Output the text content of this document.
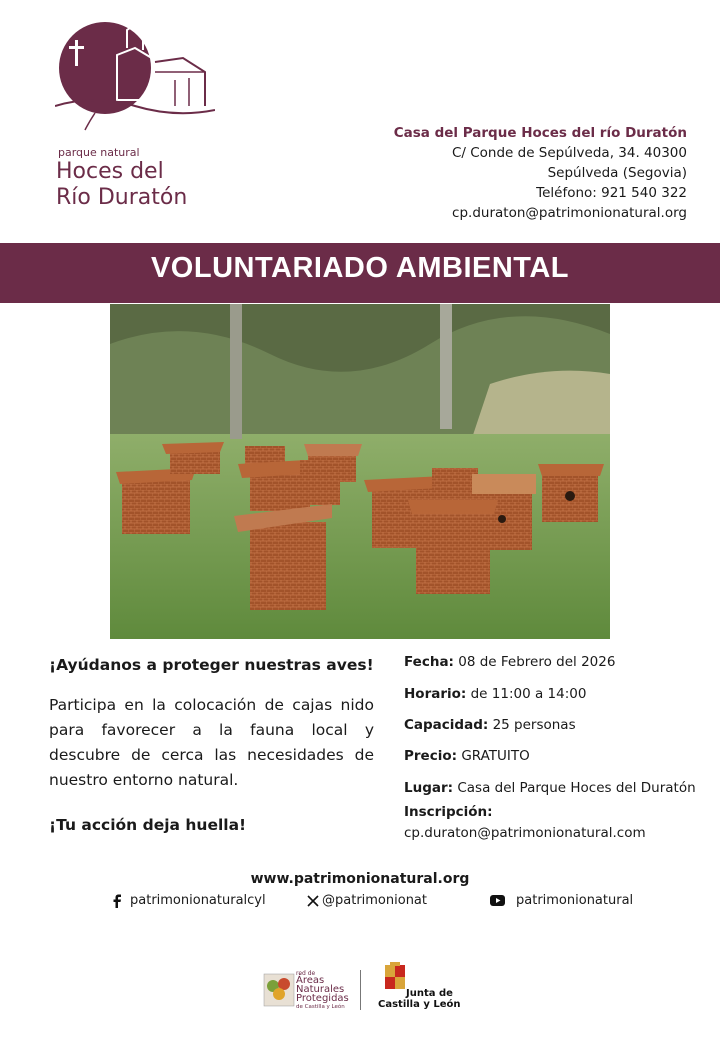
parque natural
Hoces del
Río Duratón
Casa del Parque Hoces del río Duratón
C/ Conde de Sepúlveda, 34. 40300
Sepúlveda (Segovia)
Teléfono: 921 540 322
cp.duraton@patrimonionatural.org
VOLUNTARIADO AMBIENTAL
¡Ayúdanos a proteger nuestras aves!
Participa en la colocación de cajas nido para favorecer a la fauna local y descubre de cerca las necesidades de nuestro entorno natural.
¡Tu acción deja huella!
Fecha: 08 de Febrero del 2026
Horario: de 11:00 a 14:00
Capacidad: 25 personas
Precio: GRATUITO
Lugar: Casa del Parque Hoces del Duratón
Inscripción:
cp.duraton@patrimonionatural.com
www.patrimonionatural.org
patrimonionaturalcyl	@patrimonionat	patrimonionatural
red de
Áreas
Naturales
Protegidas
de Castilla y León
Junta de
Castilla y León
